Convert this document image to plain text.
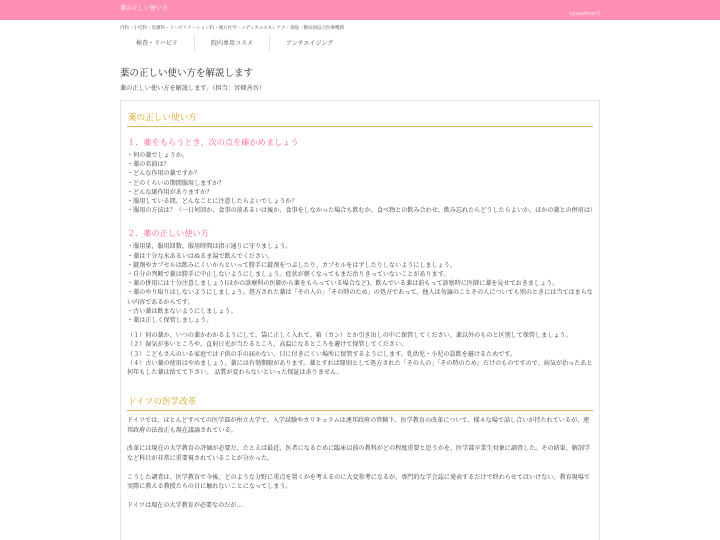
薬の正しい使い方
nasyabiner5
内科・小児科・皮膚科・リハビリテーション科・漢方医学・メディカルスキンケア・義陽・糖尿病協力医療機関
検査・リハビリ	院内専用コスメ	アンチエイジング
薬の正しい使い方を解説します
薬の正しい使い方を解説します。（担当：宮畑善吾）
薬の正しい使い方
１．薬をもらうとき、次の点を確かめましょう
・何の薬でしょうか。
・薬の名前は？
・どんな作用の薬ですか？
・どのくらいの期間服用しますか？
・どんな副作用がありますか？
・服用している間、どんなことに注意したらよいでしょうか？
・服用の方法は？（一日何回か、食事の前あるいは後か、食事をしなかった場合も飲むか、食べ物との飲み合わせ、飲み忘れたらどうしたらよいか、ほかの薬との併用は）
２．薬の正しい使い方
・服用量、服用回数、服用時間は指示通りに守りましょう。
・薬は十分な水あるいはぬるま湯で飲んでください。
・錠剤やカプセルは飲みにくいからといって勝手に錠剤をつぶしたり、カプセルをはずしたりしないようにしましょう。
・自分の判断で薬は勝手に中止しないようにしましょう。症状が軽くなってもまだ治りきっていないことがあります。
・薬の併用には十分注意しましょう(ほかの診療科の医師から薬をもらっている場合など)。飲んでいる薬は前もって診察時に医師に薬を見せておきましょう。
・薬のやり取りはしないようにしましょう。処方された薬は「その人の」「その時のため」の処方であって、他人は勿論のことその人についても別のときには当てはまらない内容であるからです。
・古い薬は飲まないようにしましょう。
・薬は正しく保管しましょう。
（１）何の薬か、いつの薬かわかるようにして、袋に正しく入れて、箱（カン）とか引き出しの中に保管してください。薬以外のものと区別して保管しましょう。
（２）湿気が多いところや、直射日光が当たるところ、高温になるところを避けて保管してください。
（３）こどもさんのいる家庭では子供の手の届かない、目に付きにくい場所に保管するようにします。乳幼児・小児の誤飲を避けるためです。
（４）古い薬の使用はやめましょう。薬には有効期限があります。薬とすれば原則として処方された「その人の」「その時のため」だけのものですので、病気が治ったあと何年もした薬は捨てて下さい。 品質が変わらないといった保証はありません。
ドイツの医学改革
ドイツでは、ほとんどすべての医学部が州立大学で、入学試験やカリキュラムは連邦政府の管轄下。医学教育の改革について、様々な場で話し合いが持たれているが、連邦政府の法改正も現在議論されている。
改革には現在の大学教育の評価が必要だ。たとえば最近、医者になるために臨床以前の教科がどの程度重要と思うかを、医学部卒業生対象に調査した。その結果、解剖学など科目が非常に重要視されていることが分かった。
こうした調査は、医学教育で今後、どのような分野に重点を置くかを考えるのに大変参考になるが、専門的な学会誌に発表するだけで終わらせてはいけない。教育現場で実際に教える教授たちの目に触れないことになってしまう。
ドイツは現在の大学教育が必要なのだが...
